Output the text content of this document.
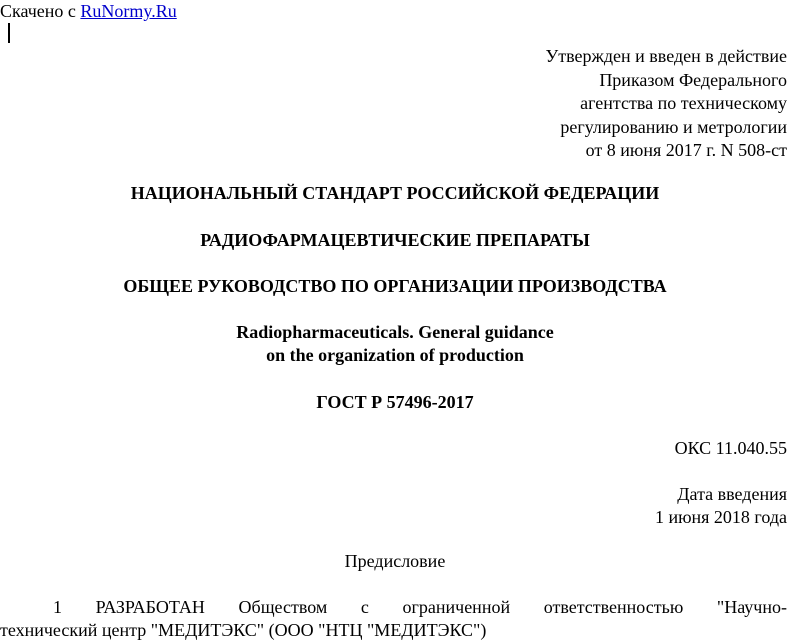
Скачено с RuNormy.Ru
Утвержден и введен в действие
Приказом Федерального
агентства по техническому
регулированию и метрологии
от 8 июня 2017 г. N 508-ст
НАЦИОНАЛЬНЫЙ СТАНДАРТ РОССИЙСКОЙ ФЕДЕРАЦИИ
РАДИОФАРМАЦЕВТИЧЕСКИЕ ПРЕПАРАТЫ
ОБЩЕЕ РУКОВОДСТВО ПО ОРГАНИЗАЦИИ ПРОИЗВОДСТВА
Radiopharmaceuticals. General guidance
on the organization of production
ГОСТ Р 57496-2017
ОКС 11.040.55
Дата введения
1 июня 2018 года
Предисловие
1 РАЗРАБОТАН Обществом с ограниченной ответственностью "Научно-
технический центр "МЕДИТЭКС" (ООО "НТЦ "МЕДИТЭКС")
